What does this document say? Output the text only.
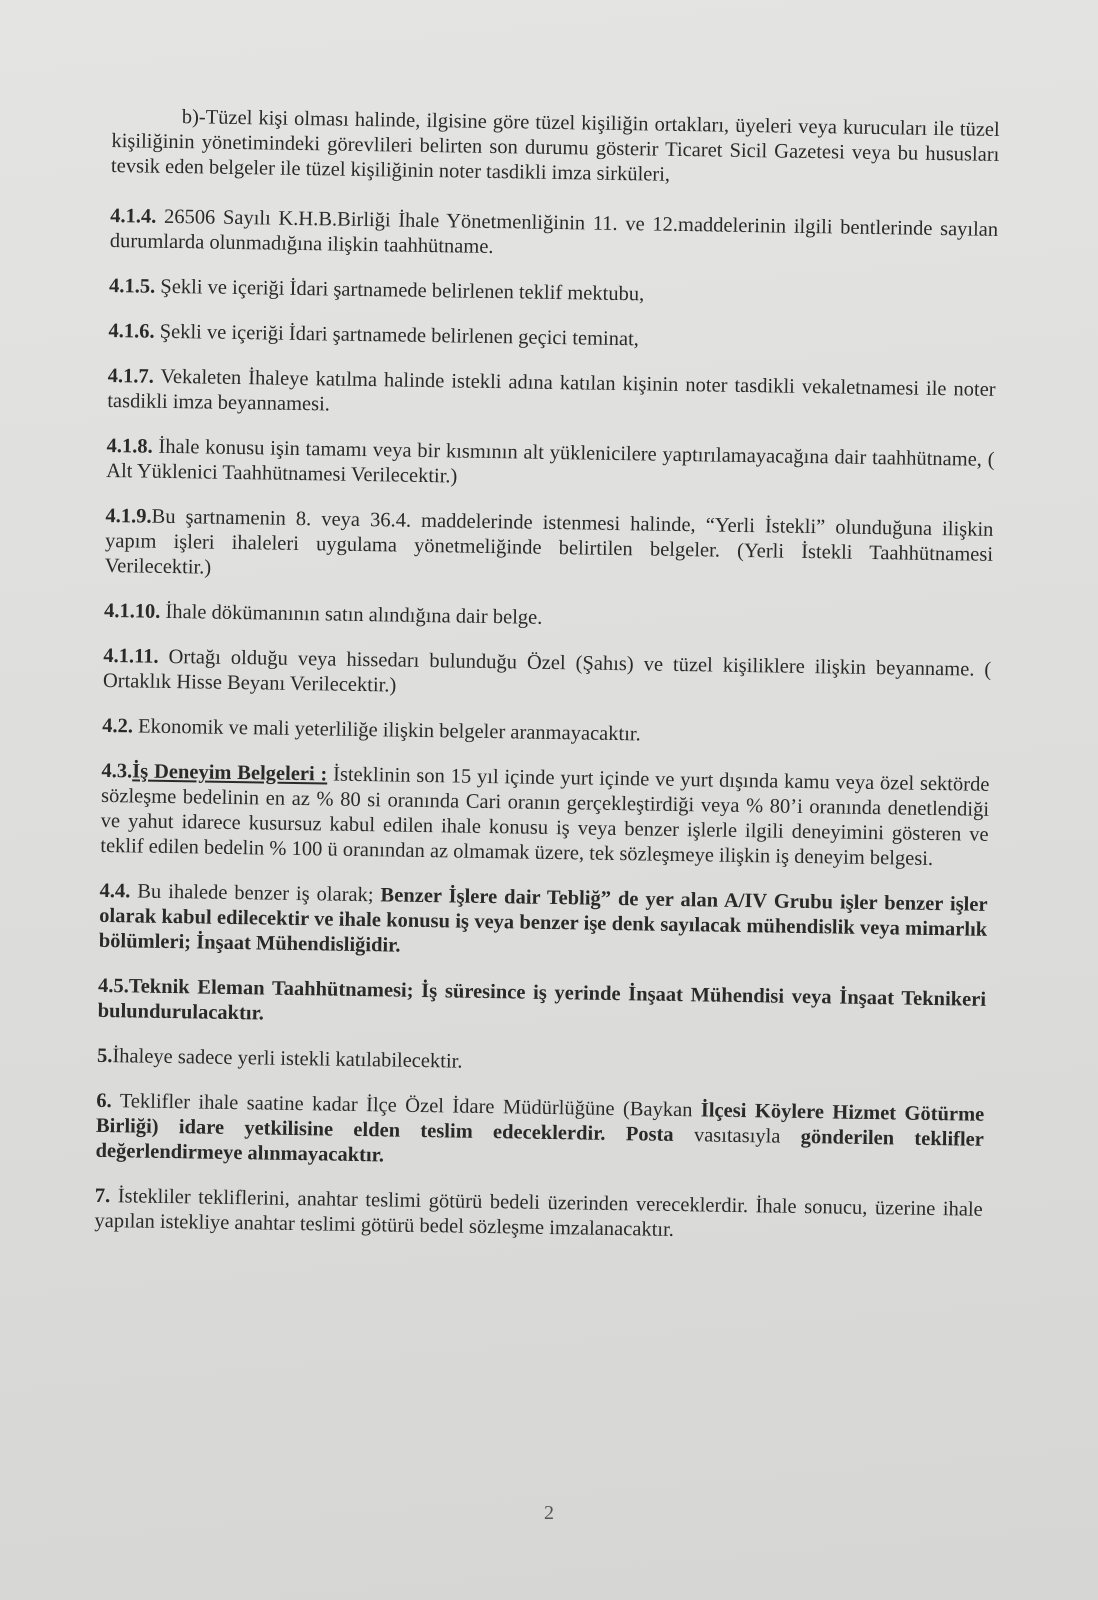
b)-Tüzel kişi olması halinde, ilgisine göre tüzel kişiliğin ortakları, üyeleri veya kurucuları ile tüzel kişiliğinin yönetimindeki görevlileri belirten son durumu gösterir Ticaret Sicil Gazetesi veya bu hususları tevsik eden belgeler ile tüzel kişiliğinin noter tasdikli imza sirküleri,

4.1.4. 26506 Sayılı K.H.B.Birliği İhale Yönetmenliğinin 11. ve 12.maddelerinin ilgili bentlerinde sayılan durumlarda olunmadığına ilişkin taahhütname.

4.1.5. Şekli ve içeriği İdari şartnamede belirlenen teklif mektubu,

4.1.6. Şekli ve içeriği İdari şartnamede belirlenen geçici teminat,

4.1.7. Vekaleten İhaleye katılma halinde istekli adına katılan kişinin noter tasdikli vekaletnamesi ile noter tasdikli imza beyannamesi.

4.1.8. İhale konusu işin tamamı veya bir kısmının alt yüklenicilere yaptırılamayacağına dair taahhütname, ( Alt Yüklenici Taahhütnamesi Verilecektir.)

4.1.9.Bu şartnamenin 8. veya 36.4. maddelerinde istenmesi halinde, “Yerli İstekli” olunduğuna ilişkin yapım işleri ihaleleri uygulama yönetmeliğinde belirtilen belgeler. (Yerli İstekli Taahhütnamesi Verilecektir.)

4.1.10. İhale dökümanının satın alındığına dair belge.

4.1.11. Ortağı olduğu veya hissedarı bulunduğu Özel (Şahıs) ve tüzel kişiliklere ilişkin beyanname. ( Ortaklık Hisse Beyanı Verilecektir.)

4.2. Ekonomik ve mali yeterliliğe ilişkin belgeler aranmayacaktır.

4.3.İş Deneyim Belgeleri : İsteklinin son 15 yıl içinde yurt içinde ve yurt dışında kamu veya özel sektörde sözleşme bedelinin en az % 80 si oranında Cari oranın gerçekleştirdiği veya % 80’i oranında denetlendiği ve yahut idarece kusursuz kabul edilen ihale konusu iş veya benzer işlerle ilgili deneyimini gösteren ve teklif edilen bedelin % 100 ü oranından az olmamak üzere, tek sözleşmeye ilişkin iş deneyim belgesi.

4.4. Bu ihalede benzer iş olarak; Benzer İşlere dair Tebliğ” de yer alan A/IV Grubu işler benzer işler olarak kabul edilecektir ve ihale konusu iş veya benzer işe denk sayılacak mühendislik veya mimarlık bölümleri; İnşaat Mühendisliğidir.

4.5.Teknik Eleman Taahhütnamesi; İş süresince iş yerinde İnşaat Mühendisi veya İnşaat Teknikeri bulundurulacaktır.

5.İhaleye sadece yerli istekli katılabilecektir.

6. Teklifler ihale saatine kadar İlçe Özel İdare Müdürlüğüne (Baykan İlçesi Köylere Hizmet Götürme Birliği) idare yetkilisine elden teslim edeceklerdir. Posta vasıtasıyla gönderilen teklifler değerlendirmeye alınmayacaktır.

7. İstekliler tekliflerini, anahtar teslimi götürü bedeli üzerinden vereceklerdir. İhale sonucu, üzerine ihale yapılan istekliye anahtar teslimi götürü bedel sözleşme imzalanacaktır.

2
